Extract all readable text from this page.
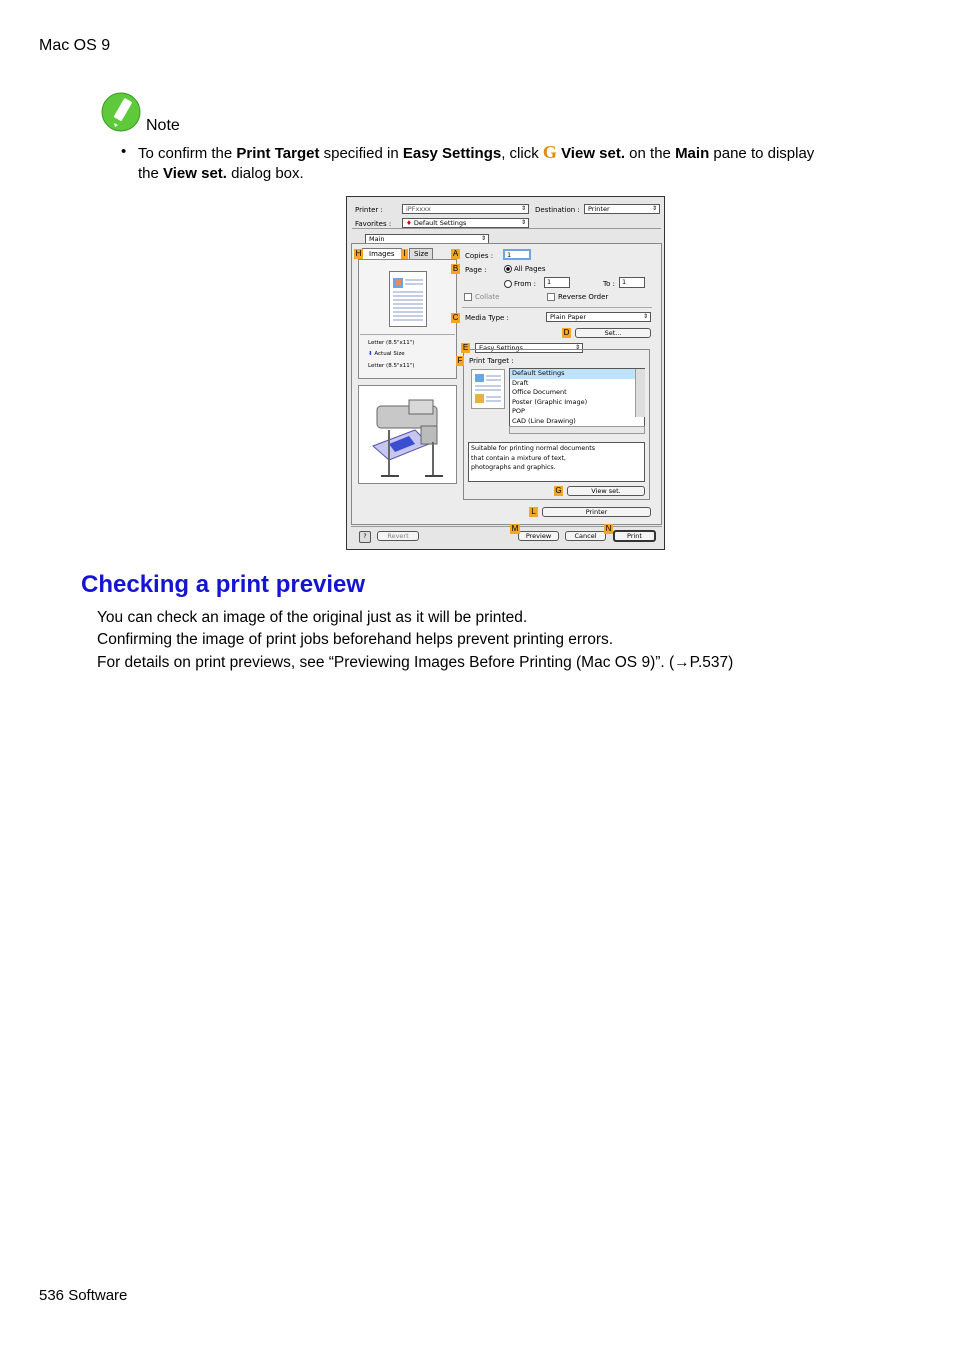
Mac OS 9
Note
• To confirm the Print Target specified in Easy Settings, click G View set. on the Main pane to display
the View set. dialog box.
Printer :	iPFxxxx	⇕ Destination :	Printer	⇕
Favorites :	♦ Default Settings	⇕
Main	⇕
Images	Size
Letter (8.5"x11")
⬇ Actual Size
Letter (8.5"x11")
Copies :	1
Page :	All Pages
From :	1	To :	1
Collate	Reverse Order
Media Type :	Plain Paper	⇕
Set...
Easy Settings	⇕
Print Target :
Default Settings
Draft
Office Document
Poster (Graphic Image)
POP
CAD (Line Drawing)
Suitable for printing normal documents
that contain a mixture of text,
photographs and graphics.
View set.
Printer
?	Revert	Preview	Cancel	Print
H	I	A
B
C
D
E
F
G
L
M	N
Checking a print preview
You can check an image of the original just as it will be printed.
Confirming the image of print jobs beforehand helps prevent printing errors.
For details on print previews, see “Previewing Images Before Printing (Mac OS 9)”. (→P.537)
536 Software
